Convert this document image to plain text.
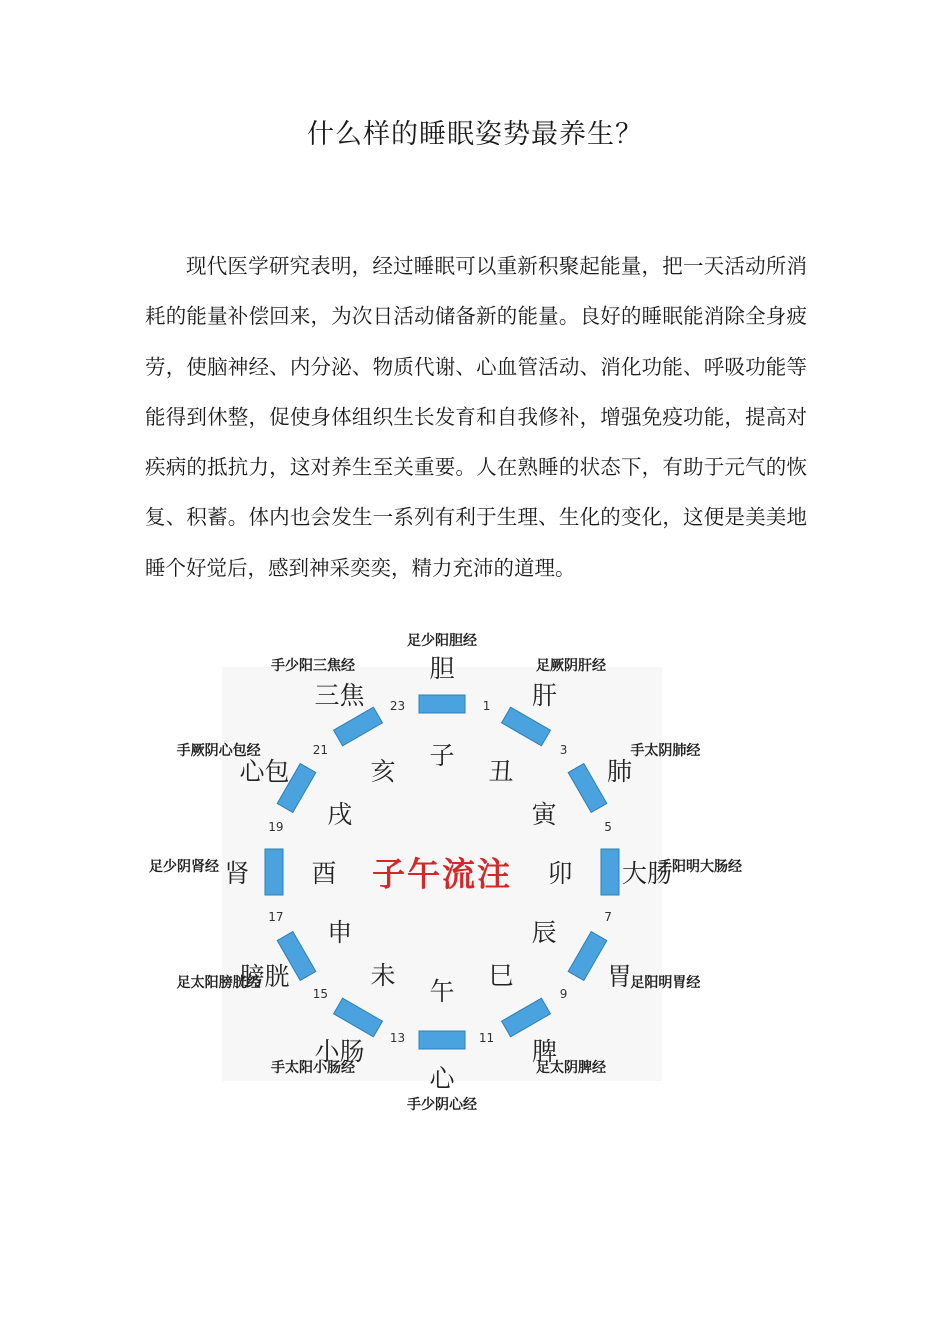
什么样的睡眠姿势最养生？

现代医学研究表明，经过睡眠可以重新积聚起能量，把一天活动所消耗的能量补偿回来，为次日活动储备新的能量。良好的睡眠能消除全身疲劳，使脑神经、内分泌、物质代谢、心血管活动、消化功能、呼吸功能等能得到休整，促使身体组织生长发育和自我修补，增强免疫功能，提高对疾病的抵抗力，这对养生至关重要。人在熟睡的状态下，有助于元气的恢复、积蓄。体内也会发生一系列有利于生理、生化的变化，这便是美美地睡个好觉后，感到神采奕奕，精力充沛的道理。

子午流注
子
胆
足少阳胆经
丑
肝
足厥阴肝经
寅
肺
手太阴肺经
卯 大肠
手阳明大肠经
辰
胃
足阳明胃经
巳
脾
足太阴脾经
午
心
手少阴心经
未
小肠
手太阳小肠经
申
膀胱
足太阳膀胱经
酉
肾
足少阴肾经
戌
心包
手厥阴心包经
亥
三焦
手少阳三焦经
1
3
5
7
9
11
13
15
17
19
21
23
